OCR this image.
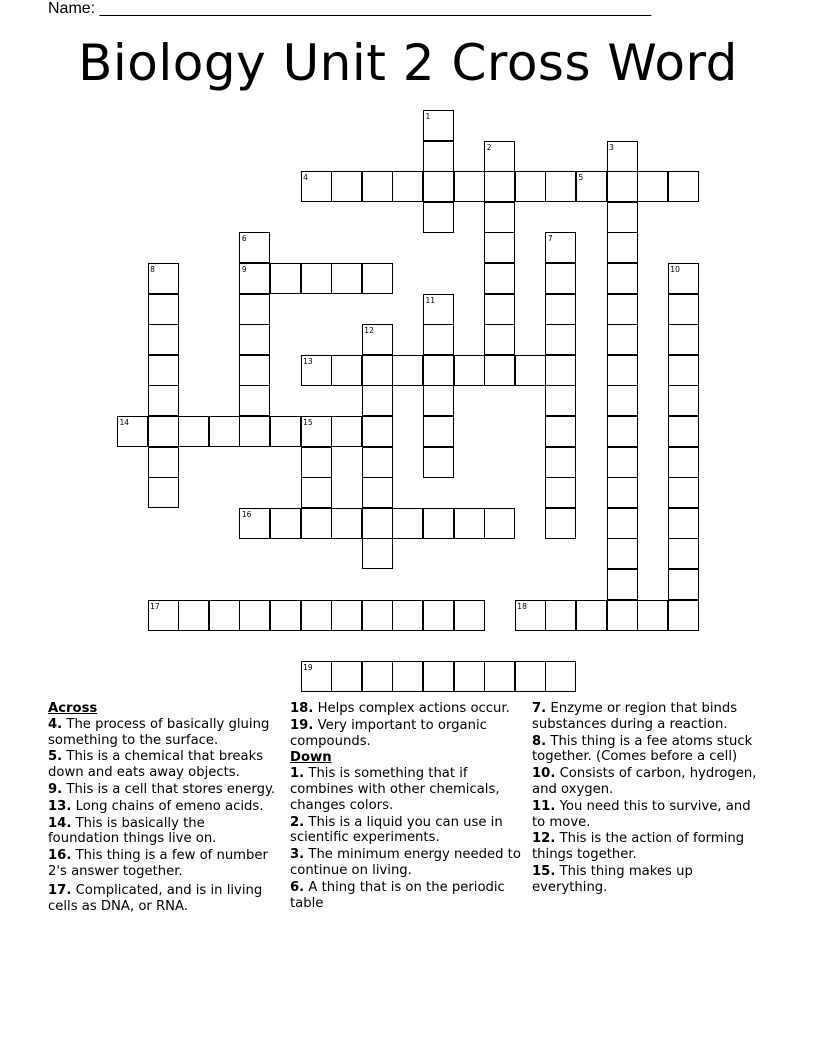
Name: ______________________________________________________________
Biology Unit 2 Cross Word
1
2	3
4	5
6	7
8	9	10
11
12
13
14	15
16
17	18
19

Across

4. The process of basically gluing something to the surface.

5. This is a chemical that breaks down and eats away objects.

9. This is a cell that stores energy.

13. Long chains of emeno acids.

14. This is basically the foundation things live on.

16. This thing is a few of number 2's answer together.

17. Complicated, and is in living cells as DNA, or RNA.

18. Helps complex actions occur.

19. Very important to organic compounds.

Down

1. This is something that if combines with other chemicals, changes colors.

2. This is a liquid you can use in scientific experiments.

3. The minimum energy needed to continue on living.

6. A thing that is on the periodic table

7. Enzyme or region that binds substances during a reaction.

8. This thing is a fee atoms stuck together. (Comes before a cell)

10. Consists of carbon, hydrogen, and oxygen.

11. You need this to survive, and to move.

12. This is the action of forming things together.

15. This thing makes up everything.
